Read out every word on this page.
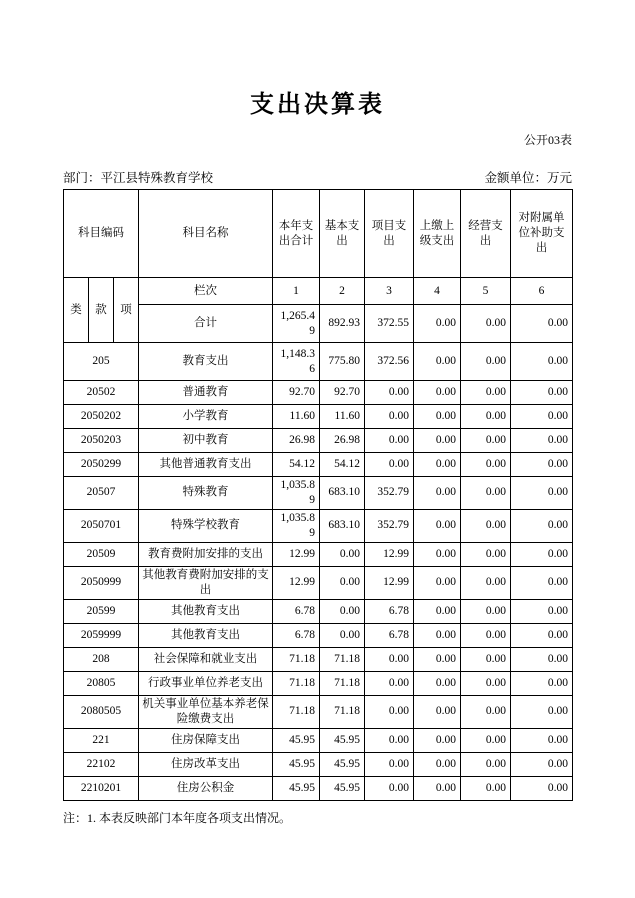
支出决算表
公开03表
部门：平江县特殊教育学校	金额单位：万元
科目编码			科目名称	本年支出合计	基本支出	项目支出	上缴上级支出	经营支出	对附属单位补助支出
类	款	项	栏次	1	2	3	4	5	6
			合计	1,265.49	892.93	372.55	0.00	0.00	0.00
205			教育支出	1,148.36	775.80	372.56	0.00	0.00	0.00
20502			普通教育	92.70	92.70	0.00	0.00	0.00	0.00
2050202			小学教育	11.60	11.60	0.00	0.00	0.00	0.00
2050203			初中教育	26.98	26.98	0.00	0.00	0.00	0.00
2050299			其他普通教育支出	54.12	54.12	0.00	0.00	0.00	0.00
20507			特殊教育	1,035.89	683.10	352.79	0.00	0.00	0.00
2050701			特殊学校教育	1,035.89	683.10	352.79	0.00	0.00	0.00
20509			教育费附加安排的支出	12.99	0.00	12.99	0.00	0.00	0.00
2050999			其他教育费附加安排的支出	12.99	0.00	12.99	0.00	0.00	0.00
20599			其他教育支出	6.78	0.00	6.78	0.00	0.00	0.00
2059999			其他教育支出	6.78	0.00	6.78	0.00	0.00	0.00
208			社会保障和就业支出	71.18	71.18	0.00	0.00	0.00	0.00
20805			行政事业单位养老支出	71.18	71.18	0.00	0.00	0.00	0.00
2080505			机关事业单位基本养老保险缴费支出	71.18	71.18	0.00	0.00	0.00	0.00
221			住房保障支出	45.95	45.95	0.00	0.00	0.00	0.00
22102			住房改革支出	45.95	45.95	0.00	0.00	0.00	0.00
2210201			住房公积金	45.95	45.95	0.00	0.00	0.00	0.00
注：1. 本表反映部门本年度各项支出情况。
